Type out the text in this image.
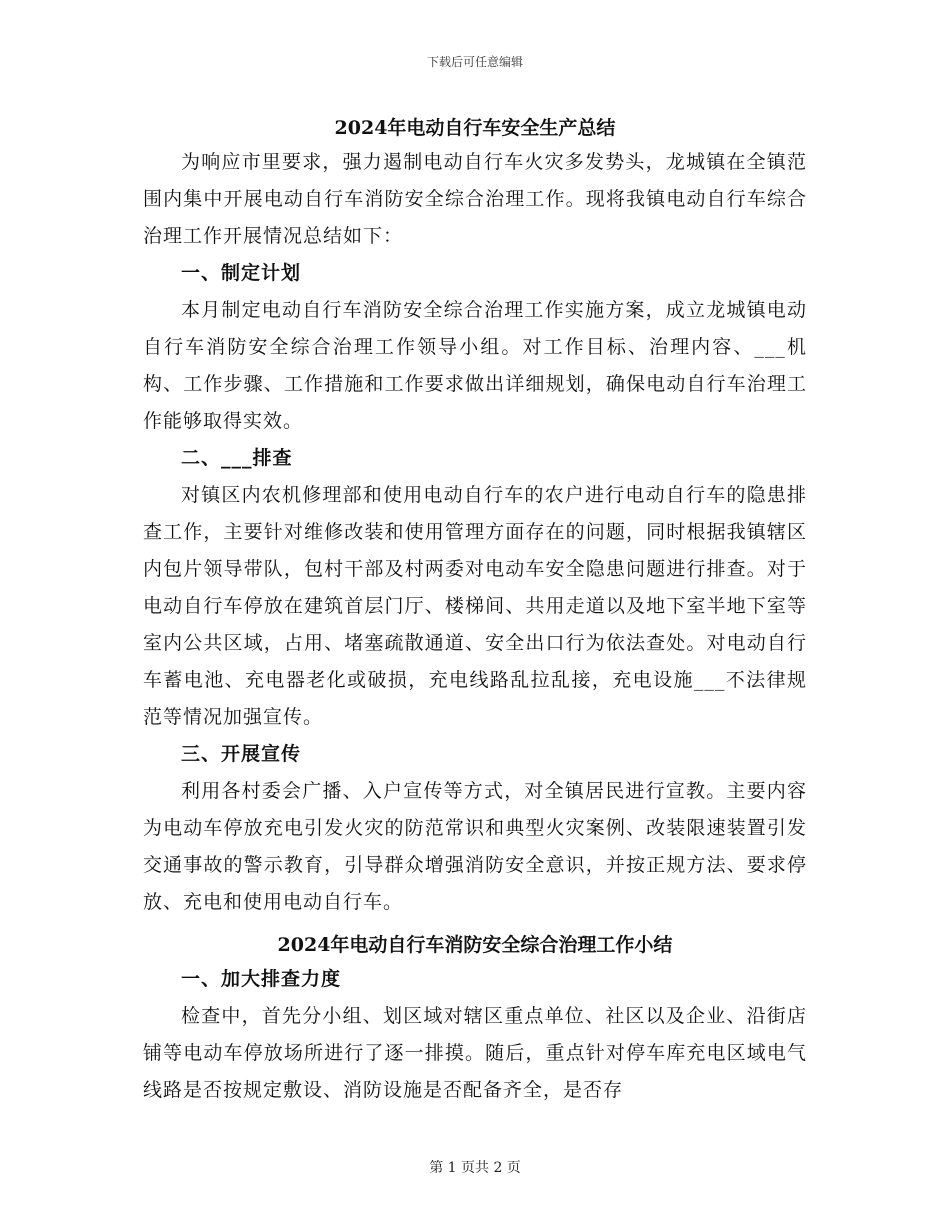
下载后可任意编辑
2024年电动自行车安全生产总结

为响应市里要求，强力遏制电动自行车火灾多发势头，龙城镇在全镇范围内集中开展电动自行车消防安全综合治理工作。现将我镇电动自行车综合治理工作开展情况总结如下：

一、制定计划

本月制定电动自行车消防安全综合治理工作实施方案，成立龙城镇电动自行车消防安全综合治理工作领导小组。对工作目标、治理内容、___机构、工作步骤、工作措施和工作要求做出详细规划，确保电动自行车治理工作能够取得实效。

二、___排查

对镇区内农机修理部和使用电动自行车的农户进行电动自行车的隐患排查工作，主要针对维修改装和使用管理方面存在的问题，同时根据我镇辖区内包片领导带队，包村干部及村两委对电动车安全隐患问题进行排查。对于电动自行车停放在建筑首层门厅、楼梯间、共用走道以及地下室半地下室等室内公共区域，占用、堵塞疏散通道、安全出口行为依法查处。对电动自行车蓄电池、充电器老化或破损，充电线路乱拉乱接，充电设施___不法律规范等情况加强宣传。

三、开展宣传

利用各村委会广播、入户宣传等方式，对全镇居民进行宣教。主要内容为电动车停放充电引发火灾的防范常识和典型火灾案例、改装限速装置引发交通事故的警示教育，引导群众增强消防安全意识，并按正规方法、要求停放、充电和使用电动自行车。

2024年电动自行车消防安全综合治理工作小结

一、加大排查力度

检查中，首先分小组、划区域对辖区重点单位、社区以及企业、沿街店铺等电动车停放场所进行了逐一排摸。随后，重点针对停车库充电区域电气线路是否按规定敷设、消防设施是否配备齐全，是否存

第 1 页共 2 页
